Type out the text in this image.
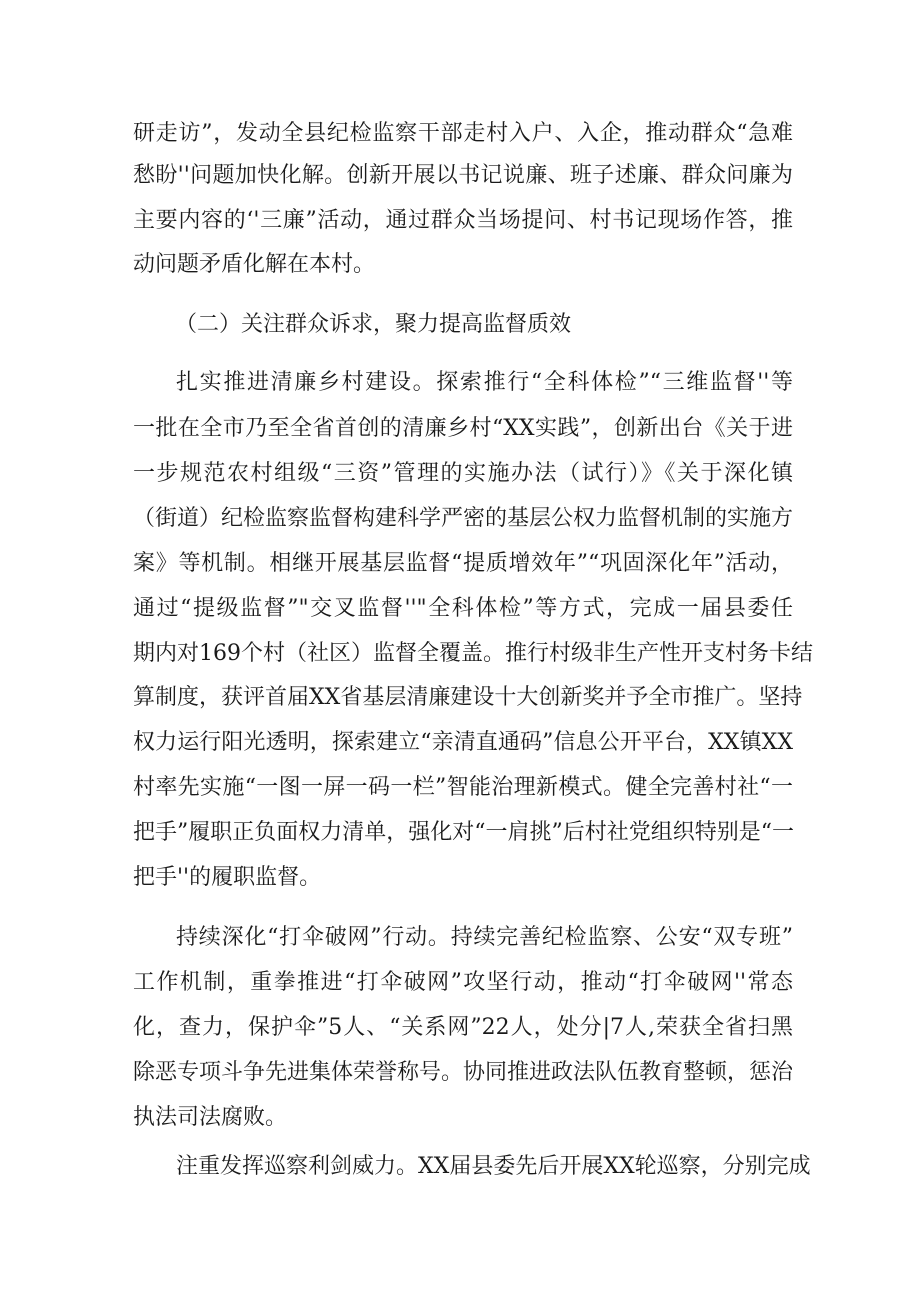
研走访”，发动全县纪检监察干部走村入户、入企，推动群众“急难
愁盼''问题加快化解。创新开展以书记说廉、班子述廉、群众问廉为
主要内容的‘'三廉”活动，通过群众当场提问、村书记现场作答，推
动问题矛盾化解在本村。
（二）关注群众诉求，聚力提高监督质效
扎实推进清廉乡村建设。探索推行“全科体检”“三维监督''等
一批在全市乃至全省首创的清廉乡村“XX实践”，创新出台《关于进
一步规范农村组级“三资”管理的实施办法（试行）》《关于深化镇
（街道）纪检监察监督构建科学严密的基层公权力监督机制的实施方
案》等机制。相继开展基层监督“提质增效年”“巩固深化年”活动，
通过“提级监督”"交叉监督''"全科体检”等方式，完成一届县委任
期内对169个村（社区）监督全覆盖。推行村级非生产性开支村务卡结
算制度，获评首届XX省基层清廉建设十大创新奖并予全市推广。坚持
权力运行阳光透明，探索建立“亲清直通码”信息公开平台，XX镇XX
村率先实施“一图一屏一码一栏”智能治理新模式。健全完善村社“一
把手”履职正负面权力清单，强化对“一肩挑”后村社党组织特别是“一
把手''的履职监督。
持续深化“打伞破网”行动。持续完善纪检监察、公安“双专班”
工作机制，重拳推进“打伞破网”攻坚行动，推动“打伞破网''常态
化，查力，保护伞”5人、“关系网”22人，处分|7人,荣获全省扫黑
除恶专项斗争先进集体荣誉称号。协同推进政法队伍教育整顿，惩治
执法司法腐败。
注重发挥巡察利剑威力。XX届县委先后开展XX轮巡察，分别完成
